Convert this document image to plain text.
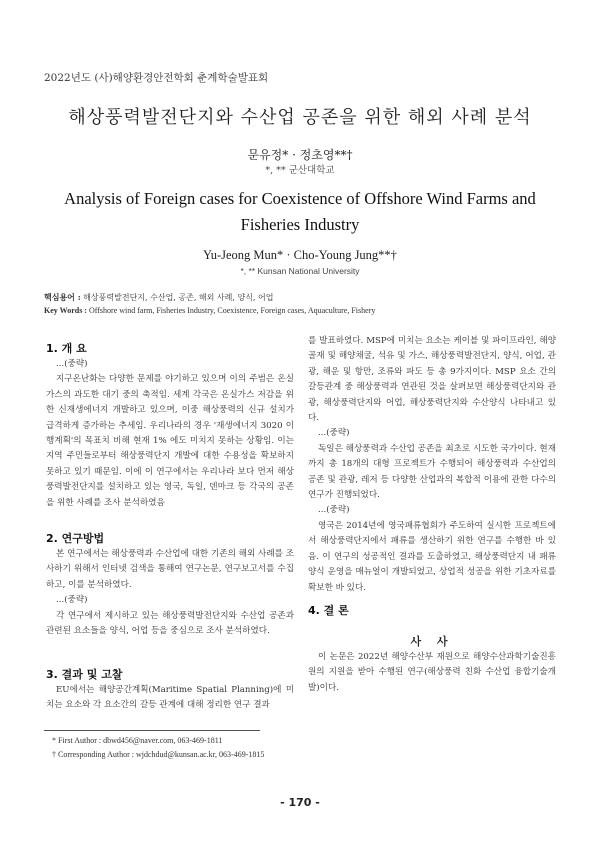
2022년도 (사)해양환경안전학회 춘계학술발표회
해상풍력발전단지와 수산업 공존을 위한 해외 사례 분석
문유정* · 정초영**†
*, ** 군산대학교
Analysis of Foreign cases for Coexistence of Offshore Wind Farms and
Fisheries Industry
Yu-Jeong Mun* · Cho-Young Jung**†
*, ** Kunsan National University
핵심용어 : 해상풍력발전단지, 수산업, 공존, 해외 사례, 양식, 어업
Key Words : Offshore wind farm, Fisheries Industry, Coexistence, Foreign cases, Aquaculture, Fishery
1. 개 요

...(중략)

지구온난화는 다양한 문제를 야기하고 있으며 이의 주범은 온실가스의 과도한 대기 중의 축적임. 세계 각국은 온실가스 저감을 위한 신재생에너지 개발하고 있으며, 이중 해상풍력의 신규 설치가 급격하게 증가하는 추세임. 우리나라의 경우 '재생에너지 3020 이행계획'의 목표치 비해 현재 1% 에도 미치지 못하는 상황임. 이는 지역 주민들로부터 해상풍력단지 개발에 대한 수용성을 확보하지 못하고 있기 때문임. 이에 이 연구에서는 우리나라 보다 먼저 해상풍력발전단지를 설치하고 있는 영국, 독일, 덴마크 등 각국의 공존을 위한 사례를 조사 분석하였음

2. 연구방법

본 연구에서는 해상풍력과 수산업에 대한 기존의 해외 사례를 조사하기 위해서 인터넷 검색을 통해여 연구논문, 연구보고서를 수집하고, 이를 분석하였다.

...(중략)

각 연구에서 제시하고 있는 해상풍력발전단지와 수산업 공존과 관련된 요소들을 양식, 어업 등을 중심으로 조사 분석하였다.

3. 결과 및 고찰

EU에서는 해양공간계획(Maritime Spatial Planning)에 미치는 요소와 각 요소간의 갈등 관계에 대해 정리한 연구 결과

를 발표하였다. MSP에 미치는 요소는 케이블 및 파이프라인, 해양골재 및 해양채굴, 석유 및 가스, 해상풍력발전단지, 양식, 어업, 관광, 해운 및 항만, 조류와 파도 등 총 9가지이다. MSP 요소 간의 갈등관계 중 해상풍력과 연관된 것을 살펴보면 해상풍력단지와 관광, 해상풍력단지와 어업, 해상풍력단지와 수산양식 나타내고 있다.

...(중략)

독일은 해상풍력과 수산업 공존을 최초로 시도한 국가이다. 현재까지 총 18개의 대형 프로젝트가 수행되어 해상풍력과 수산업의 공존 및 관광, 레저 등 다양한 산업과의 복합적 이용에 관한 다수의 연구가 진행되었다.

...(중략)

영국은 2014년에 영국패류협회가 주도하여 실시한 프로젝트에서 해상풍력단지에서 패류를 생산하기 위한 연구를 수행한 바 있음. 이 연구의 성공적인 결과를 도출하였고, 해상풍력단지 내 패류 양식 운영을 매뉴얼이 개발되었고, 상업적 성공을 위한 기초자료를 확보한 바 있다.

4. 결 론
사 사

이 논문은 2022년 해양수산부 재원으로 해양수산과학기술진흥원의 지원을 받아 수행된 연구(해상풍력 친화 수산업 융합기술개발)이다.

* First Author : dbwd456@naver.com, 063-469-1811
† Corresponding Author : wjdchdud@kunsan.ac.kr, 063-469-1815
- 170 -
